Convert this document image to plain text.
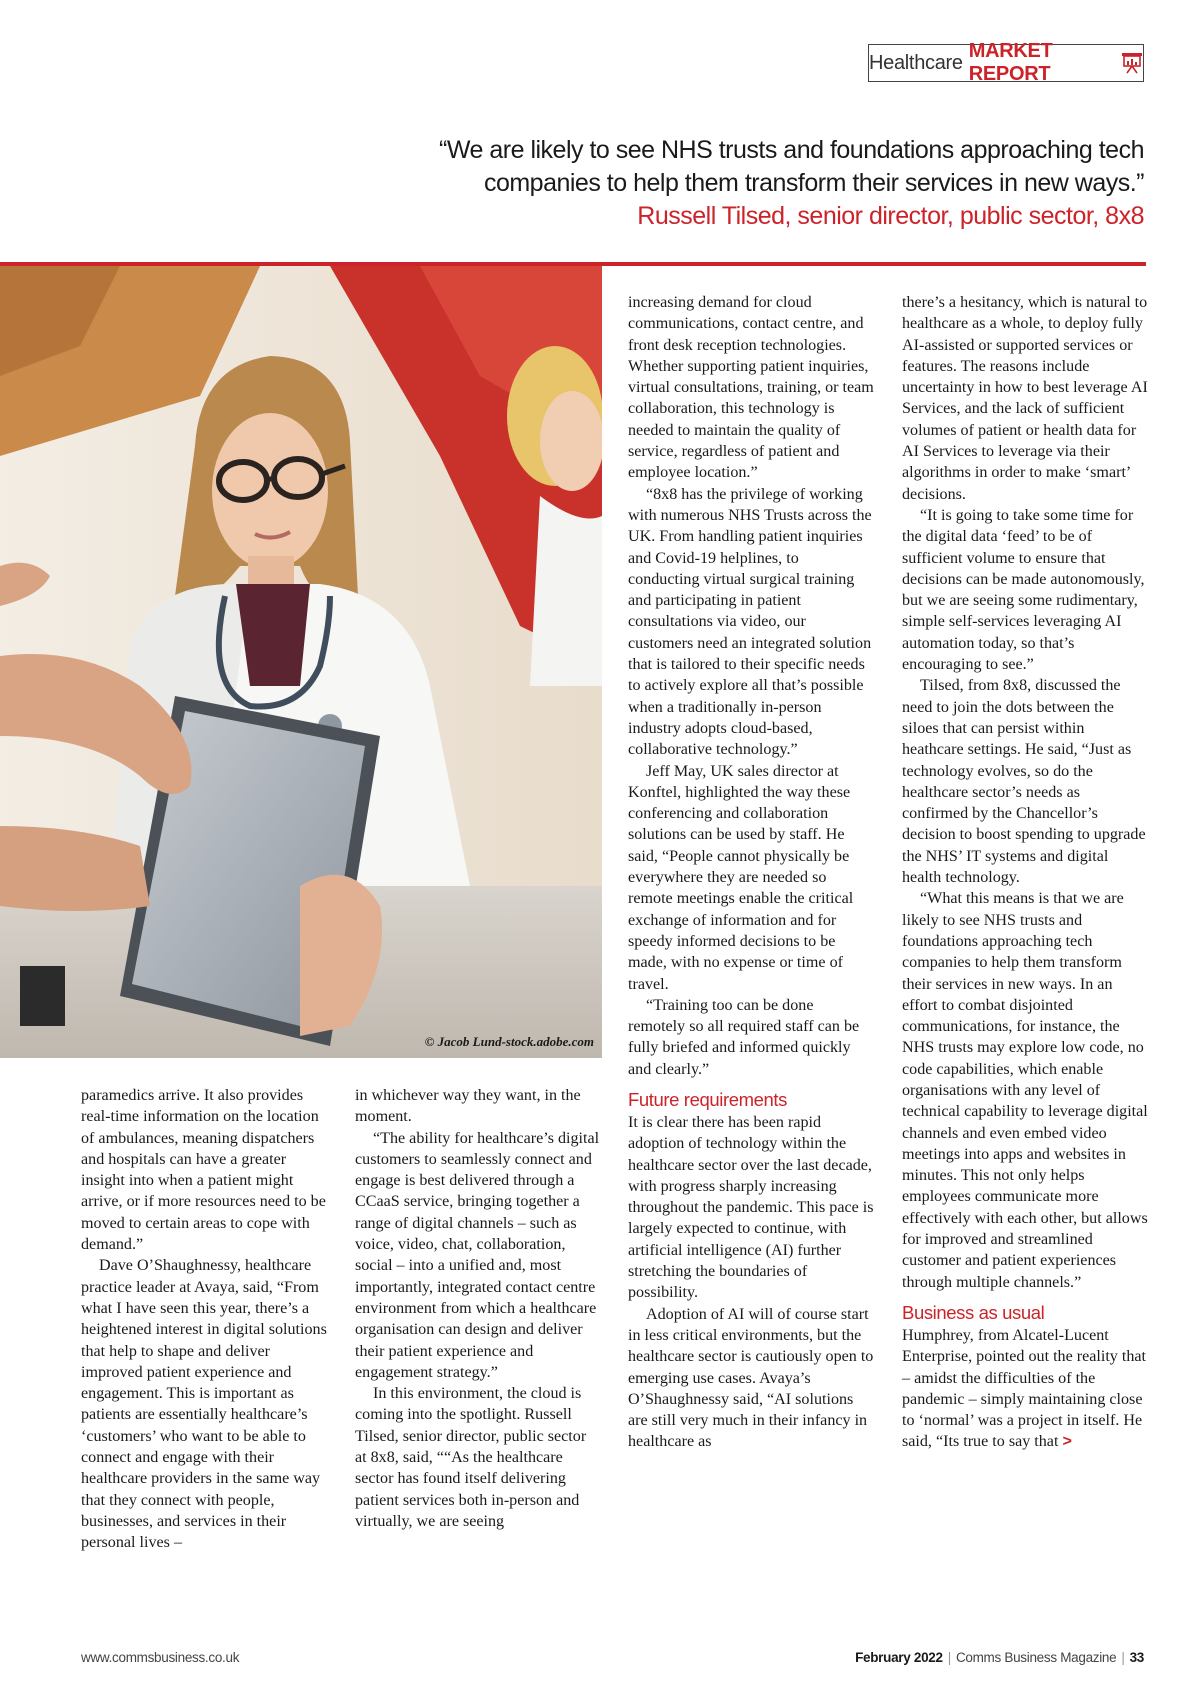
Healthcare
MARKET REPORT
“We are likely to see NHS trusts and foundations approaching tech
companies to help them transform their services in new ways.”
Russell Tilsed, senior director, public sector, 8x8
© Jacob Lund-stock.adobe.com

paramedics arrive. It also provides real-time information on the location of ambulances, meaning dispatchers and hospitals can have a greater insight into when a patient might arrive, or if more resources need to be moved to certain areas to cope with demand.”

Dave O’Shaughnessy, healthcare practice leader at Avaya, said, “From what I have seen this year, there’s a heightened interest in digital solutions that help to shape and deliver improved patient experience and engagement. This is important as patients are essentially healthcare’s ‘customers’ who want to be able to connect and engage with their healthcare providers in the same way that they connect with people, businesses, and services in their personal lives –

in whichever way they want, in the moment.

“The ability for healthcare’s digital customers to seamlessly connect and engage is best delivered through a CCaaS service, bringing together a range of digital channels – such as voice, video, chat, collaboration, social – into a unified and, most importantly, integrated contact centre environment from which a healthcare organisation can design and deliver their patient experience and engagement strategy.”

In this environment, the cloud is coming into the spotlight. Russell Tilsed, senior director, public sector at 8x8, said, ““As the healthcare sector has found itself delivering patient services both in-person and virtually, we are seeing

increasing demand for cloud communications, contact centre, and front desk reception technologies. Whether supporting patient inquiries, virtual consultations, training, or team collaboration, this technology is needed to maintain the quality of service, regardless of patient and employee location.”

“8x8 has the privilege of working with numerous NHS Trusts across the UK. From handling patient inquiries and Covid-19 helplines, to conducting virtual surgical training and participating in patient consultations via video, our customers need an integrated solution that is tailored to their specific needs to actively explore all that’s possible when a traditionally in-person industry adopts cloud-based, collaborative technology.”

Jeff May, UK sales director at Konftel, highlighted the way these conferencing and collaboration solutions can be used by staff. He said, “People cannot physically be everywhere they are needed so remote meetings enable the critical exchange of information and for speedy informed decisions to be made, with no expense or time of travel.

“Training too can be done remotely so all required staff can be fully briefed and informed quickly and clearly.”

Future requirements

It is clear there has been rapid adoption of technology within the healthcare sector over the last decade, with progress sharply increasing throughout the pandemic. This pace is largely expected to continue, with artificial intelligence (AI) further stretching the boundaries of possibility.

Adoption of AI will of course start in less critical environments, but the healthcare sector is cautiously open to emerging use cases. Avaya’s O’Shaughnessy said, “AI solutions are still very much in their infancy in healthcare as

there’s a hesitancy, which is natural to healthcare as a whole, to deploy fully AI-assisted or supported services or features. The reasons include uncertainty in how to best leverage AI Services, and the lack of sufficient volumes of patient or health data for AI Services to leverage via their algorithms in order to make ‘smart’ decisions.

“It is going to take some time for the digital data ‘feed’ to be of sufficient volume to ensure that decisions can be made autonomously, but we are seeing some rudimentary, simple self-services leveraging AI automation today, so that’s encouraging to see.”

Tilsed, from 8x8, discussed the need to join the dots between the siloes that can persist within heathcare settings. He said, “Just as technology evolves, so do the healthcare sector’s needs as confirmed by the Chancellor’s decision to boost spending to upgrade the NHS’ IT systems and digital health technology.

“What this means is that we are likely to see NHS trusts and foundations approaching tech companies to help them transform their services in new ways. In an effort to combat disjointed communications, for instance, the NHS trusts may explore low code, no code capabilities, which enable organisations with any level of technical capability to leverage digital channels and even embed video meetings into apps and websites in minutes. This not only helps employees communicate more effectively with each other, but allows for improved and streamlined customer and patient experiences through multiple channels.”

Business as usual

Humphrey, from Alcatel-Lucent Enterprise, pointed out the reality that – amidst the difficulties of the pandemic – simply maintaining close to ‘normal’ was a project in itself. He said, “Its true to say that >

www.commsbusiness.co.uk	February 2022 | Comms Business Magazine | 33
